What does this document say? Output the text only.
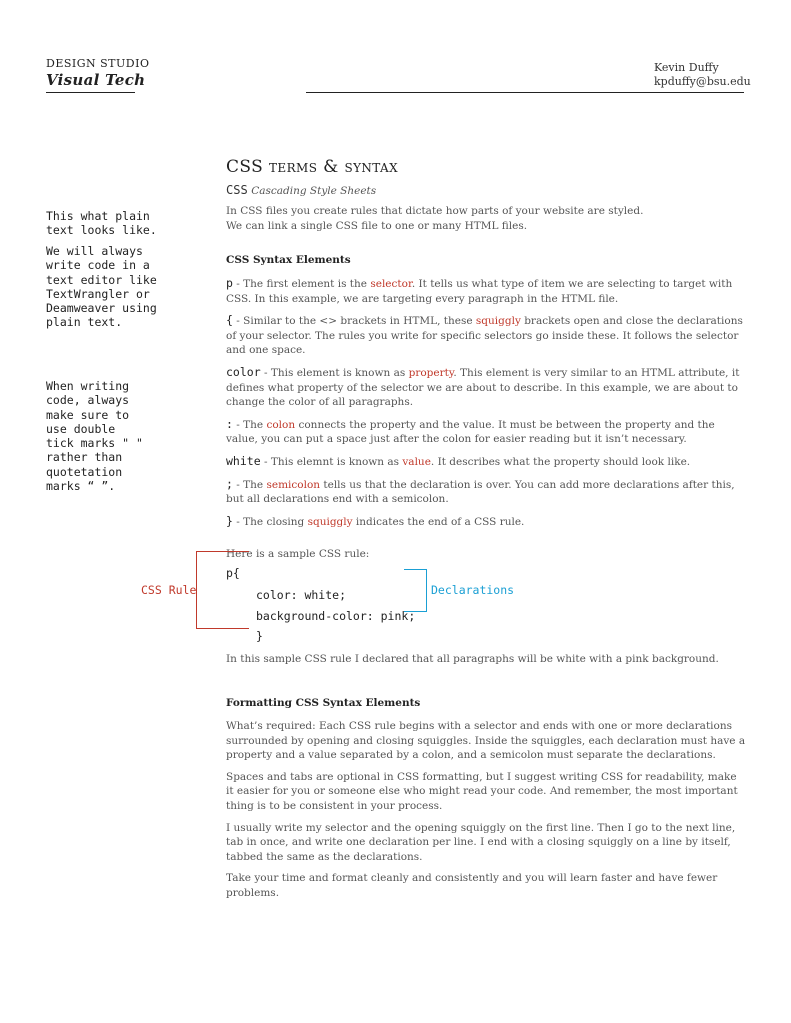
DESIGN STUDIO
Visual Tech
Kevin Duffy
kpduffy@bsu.edu
This what plain
text looks like.
We will always
write code in a
text editor like
TextWrangler or
Deamweaver using
plain text.
When writing
code, always
make sure to
use double
tick marks " "
rather than
quotetation
marks “ ”.
CSS terms & syntax
CSS Cascading Style Sheets

In CSS files you create rules that dictate how parts of your website are styled.
We can link a single CSS file to one or many HTML files.

CSS Syntax Elements

p - The first element is the selector. It tells us what type of item we are selecting to target with CSS. In this example, we are targeting every paragraph in the HTML file.

{ - Similar to the <> brackets in HTML, these squiggly brackets open and close the declarations of your selector. The rules you write for specific selectors go inside these. It follows the selector and one space.

color - This element is known as property. This element is very similar to an HTML attribute, it defines what property of the selector we are about to describe. In this example, we are about to change the color of all paragraphs.

: - The colon connects the property and the value. It must be between the property and the value, you can put a space just after the colon for easier reading but it isn’t necessary.

white - This elemnt is known as value. It describes what the property should look like.

; - The semicolon tells us that the declaration is over. You can add more declarations after this, but all declarations end with a semicolon.

} - The closing squiggly indicates the end of a CSS rule.

Here is a sample CSS rule:

p{
color: white;
background-color: pink;
}

In this sample CSS rule I declared that all paragraphs will be white with a pink background.

Formatting CSS Syntax Elements

What’s required: Each CSS rule begins with a selector and ends with one or more declarations surrounded by opening and closing squiggles. Inside the squiggles, each declaration must have a property and a value separated by a colon, and a semicolon must separate the declarations.

Spaces and tabs are optional in CSS formatting, but I suggest writing CSS for readability, make it easier for you or someone else who might read your code. And remember, the most important thing is to be consistent in your process.

I usually write my selector and the opening squiggly on the first line. Then I go to the next line, tab in once, and write one declaration per line. I end with a closing squiggly on a line by itself, tabbed the same as the declarations.

Take your time and format cleanly and consistently and you will learn faster and have fewer problems.

CSS Rule	Declarations
